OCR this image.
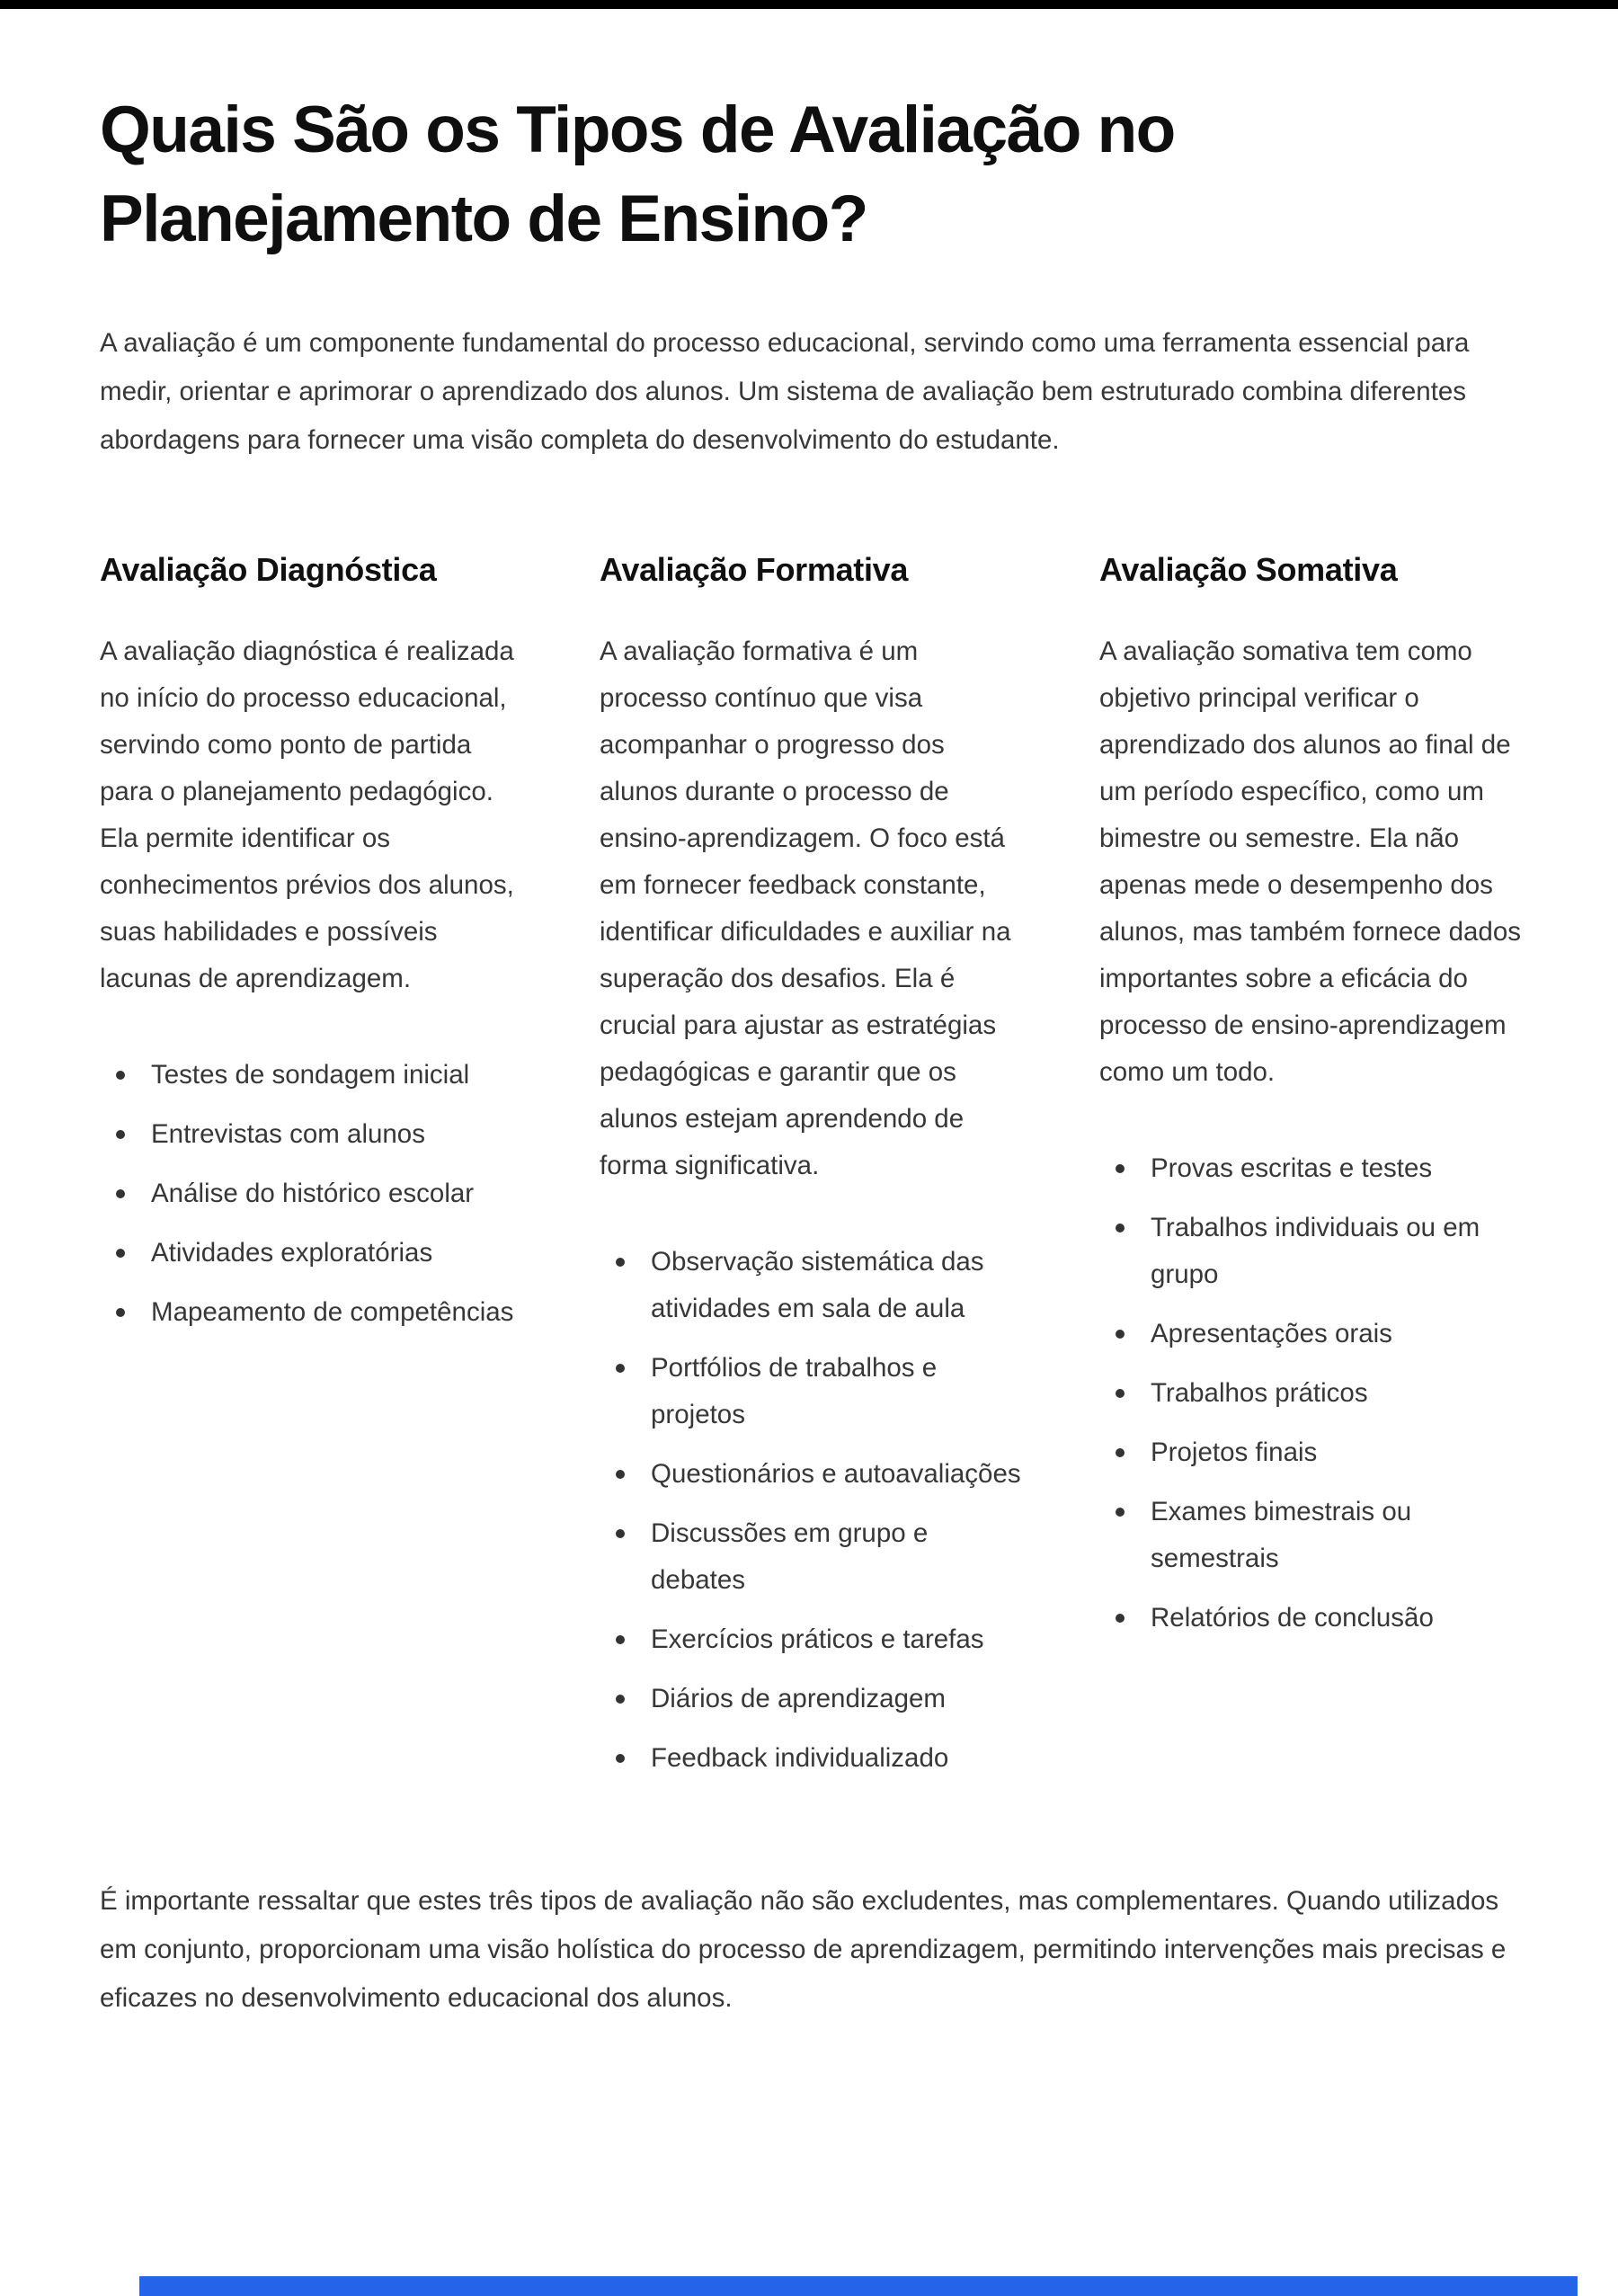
Quais São os Tipos de Avaliação no Planejamento de Ensino?

A avaliação é um componente fundamental do processo educacional, servindo como uma ferramenta essencial para medir, orientar e aprimorar o aprendizado dos alunos. Um sistema de avaliação bem estruturado combina diferentes abordagens para fornecer uma visão completa do desenvolvimento do estudante.

Avaliação Diagnóstica

A avaliação diagnóstica é realizada no início do processo educacional, servindo como ponto de partida para o planejamento pedagógico. Ela permite identificar os conhecimentos prévios dos alunos, suas habilidades e possíveis lacunas de aprendizagem.

Testes de sondagem inicial
Entrevistas com alunos
Análise do histórico escolar
Atividades exploratórias
Mapeamento de competências
Avaliação Formativa

A avaliação formativa é um processo contínuo que visa acompanhar o progresso dos alunos durante o processo de ensino-aprendizagem. O foco está em fornecer feedback constante, identificar dificuldades e auxiliar na superação dos desafios. Ela é crucial para ajustar as estratégias pedagógicas e garantir que os alunos estejam aprendendo de forma significativa.

Observação sistemática das atividades em sala de aula
Portfólios de trabalhos e projetos
Questionários e autoavaliações
Discussões em grupo e debates
Exercícios práticos e tarefas
Diários de aprendizagem
Feedback individualizado
Avaliação Somativa

A avaliação somativa tem como objetivo principal verificar o aprendizado dos alunos ao final de um período específico, como um bimestre ou semestre. Ela não apenas mede o desempenho dos alunos, mas também fornece dados importantes sobre a eficácia do processo de ensino-aprendizagem como um todo.

Provas escritas e testes
Trabalhos individuais ou em grupo
Apresentações orais
Trabalhos práticos
Projetos finais
Exames bimestrais ou semestrais
Relatórios de conclusão

É importante ressaltar que estes três tipos de avaliação não são excludentes, mas complementares. Quando utilizados em conjunto, proporcionam uma visão holística do processo de aprendizagem, permitindo intervenções mais precisas e eficazes no desenvolvimento educacional dos alunos.
